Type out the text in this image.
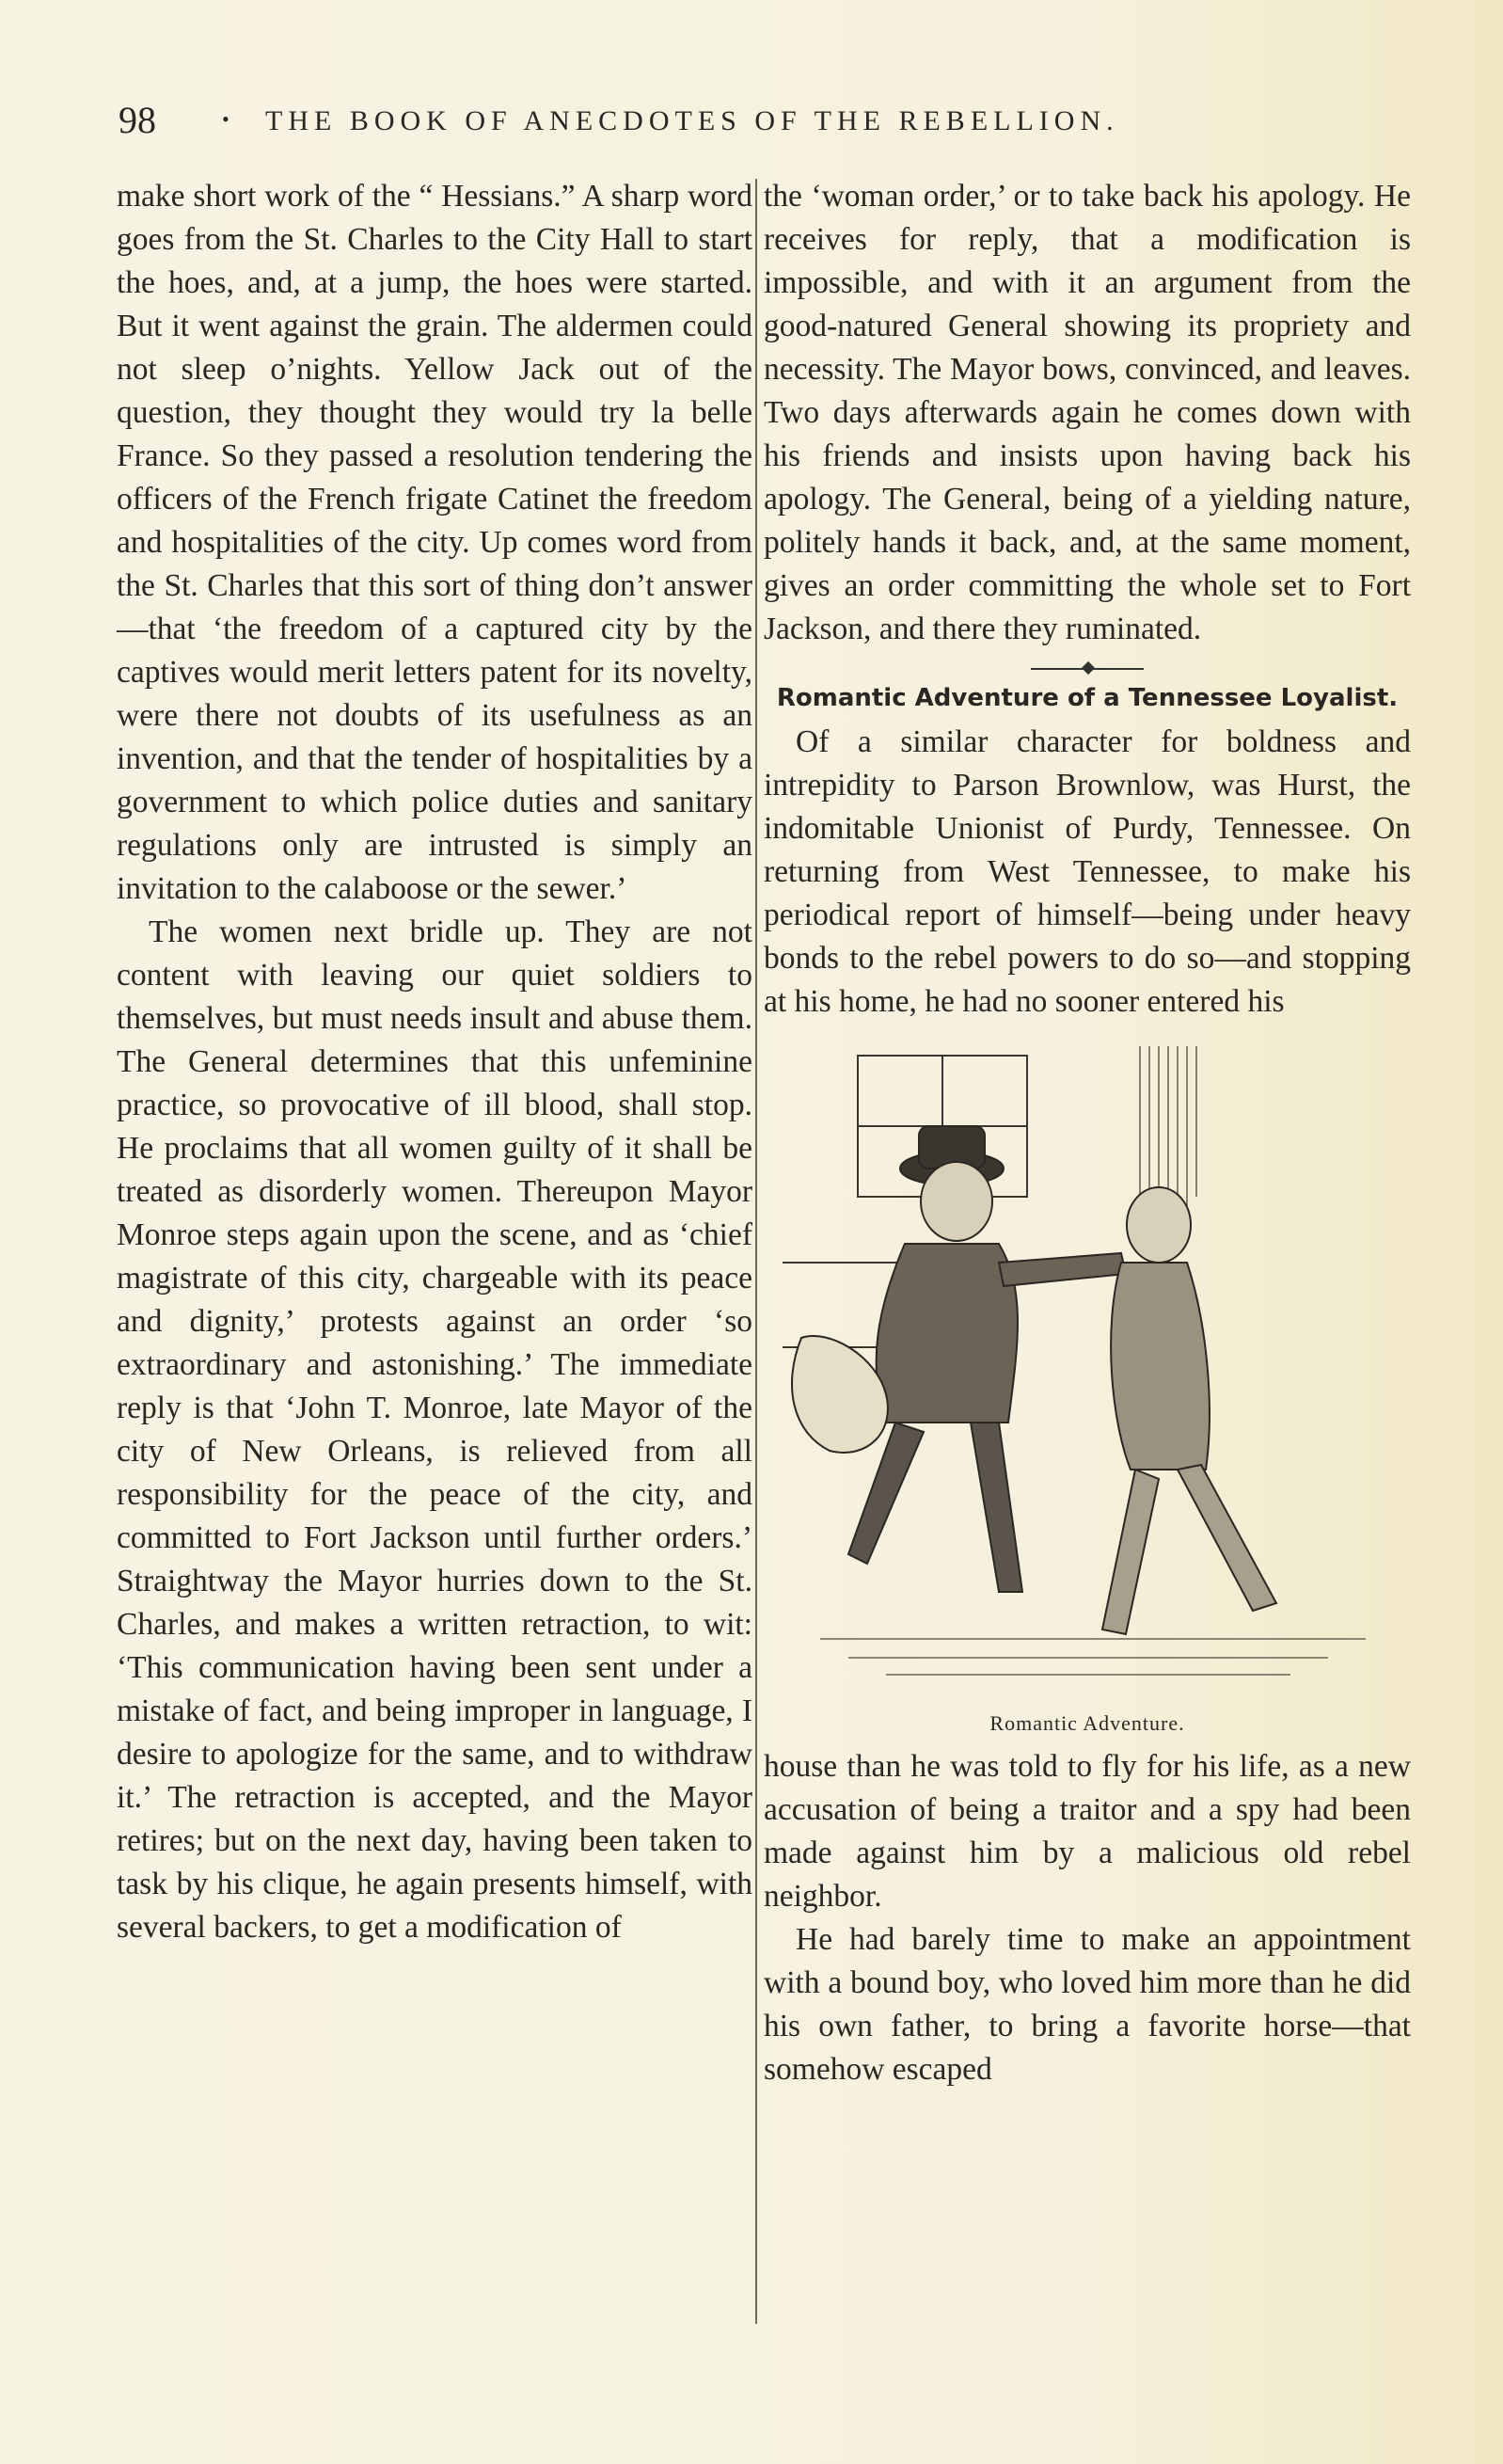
98	• THE BOOK OF ANECDOTES OF THE REBELLION.

make short work of the “ Hessians.” A sharp word goes from the St. Charles to the City Hall to start the hoes, and, at a jump, the hoes were started. But it went against the grain. The aldermen could not sleep o’nights. Yellow Jack out of the question, they thought they would try la belle France. So they passed a resolution tendering the officers of the French frigate Catinet the freedom and hospitalities of the city. Up comes word from the St. Charles that this sort of thing don’t answer—that ‘the freedom of a captured city by the captives would merit letters patent for its novelty, were there not doubts of its usefulness as an invention, and that the tender of hospitalities by a government to which police duties and sanitary regulations only are intrusted is simply an invitation to the calaboose or the sewer.’

The women next bridle up. They are not content with leaving our quiet soldiers to themselves, but must needs insult and abuse them. The General determines that this unfeminine practice, so provocative of ill blood, shall stop. He proclaims that all women guilty of it shall be treated as disorderly women. Thereupon Mayor Monroe steps again upon the scene, and as ‘chief magistrate of this city, chargeable with its peace and dignity,’ protests against an order ‘so extraordinary and astonishing.’ The immediate reply is that ‘John T. Monroe, late Mayor of the city of New Orleans, is relieved from all responsibility for the peace of the city, and committed to Fort Jackson until further orders.’ Straightway the Mayor hurries down to the St. Charles, and makes a written retraction, to wit: ‘This communication having been sent under a mistake of fact, and being improper in language, I desire to apologize for the same, and to withdraw it.’ The retraction is accepted, and the Mayor retires; but on the next day, having been taken to task by his clique, he again presents himself, with several backers, to get a modification of

the ‘woman order,’ or to take back his apology. He receives for reply, that a modification is impossible, and with it an argument from the good-natured General showing its propriety and necessity. The Mayor bows, convinced, and leaves. Two days afterwards again he comes down with his friends and insists upon having back his apology. The General, being of a yielding nature, politely hands it back, and, at the same moment, gives an order committing the whole set to Fort Jackson, and there they ruminated.

Romantic Adventure of a Tennessee Loyalist.

Of a similar character for boldness and intrepidity to Parson Brownlow, was Hurst, the indomitable Unionist of Purdy, Tennessee. On returning from West Tennessee, to make his periodical report of himself—being under heavy bonds to the rebel powers to do so—and stopping at his home, he had no sooner entered his

Romantic Adventure.

house than he was told to fly for his life, as a new accusation of being a traitor and a spy had been made against him by a malicious old rebel neighbor.

He had barely time to make an appointment with a bound boy, who loved him more than he did his own father, to bring a favorite horse—that somehow escaped
